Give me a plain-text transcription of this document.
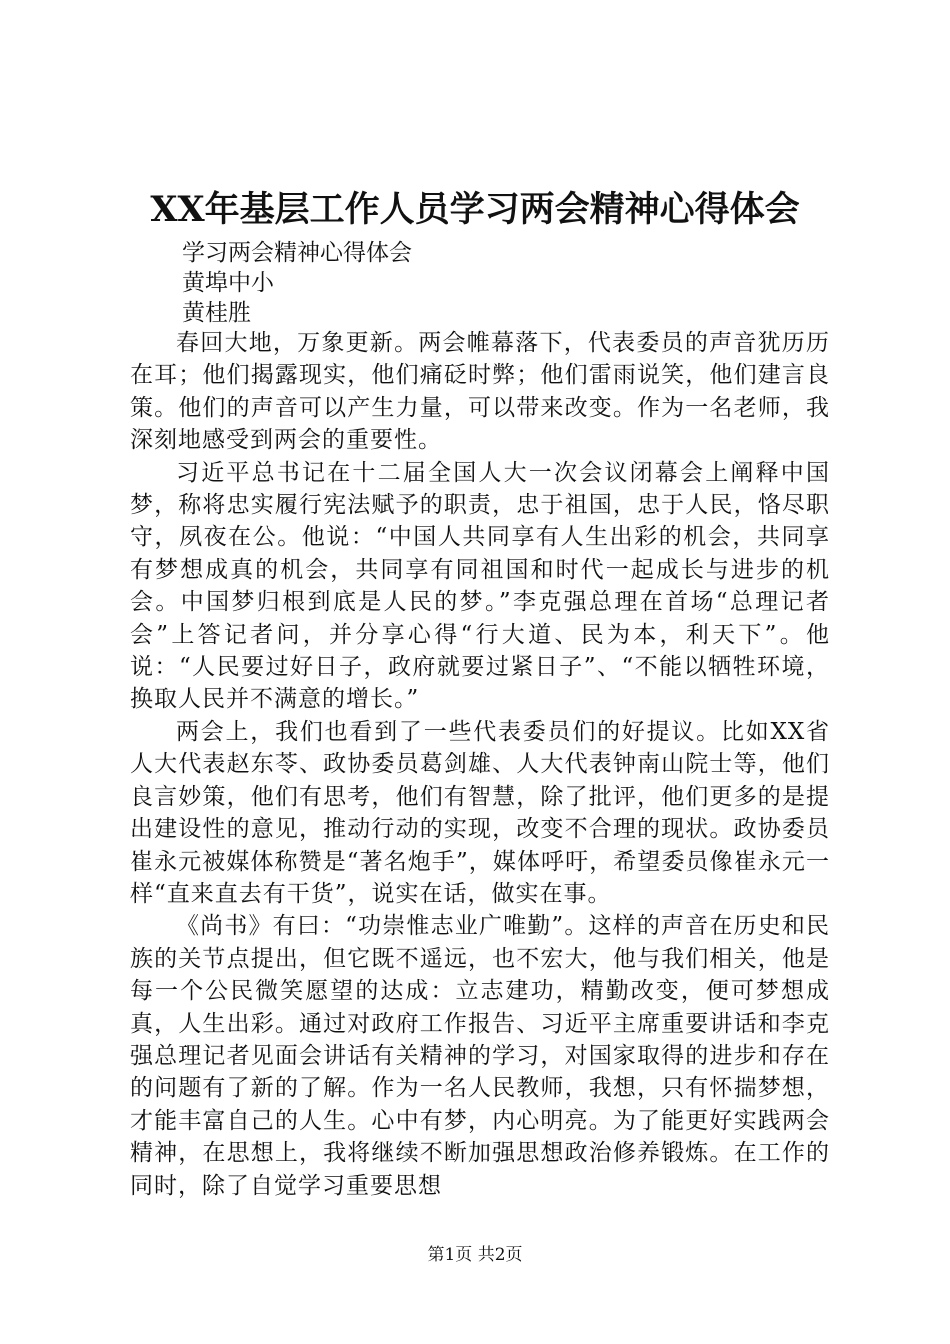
XX年基层工作人员学习两会精神心得体会
学习两会精神心得体会
黄埠中小
黄桂胜

春回大地，万象更新。两会帷幕落下，代表委员的声音犹历历在耳；他们揭露现实，他们痛砭时弊；他们雷雨说笑，他们建言良策。他们的声音可以产生力量，可以带来改变。作为一名老师，我深刻地感受到两会的重要性。

习近平总书记在十二届全国人大一次会议闭幕会上阐释中国梦，称将忠实履行宪法赋予的职责，忠于祖国，忠于人民，恪尽职守，夙夜在公。他说：“中国人共同享有人生出彩的机会，共同享有梦想成真的机会，共同享有同祖国和时代一起成长与进步的机会。中国梦归根到底是人民的梦。”李克强总理在首场“总理记者会”上答记者问，并分享心得“行大道、民为本，利天下”。他说：“人民要过好日子，政府就要过紧日子”、“不能以牺牲环境，换取人民并不满意的增长。”

两会上，我们也看到了一些代表委员们的好提议。比如XX省人大代表赵东苓、政协委员葛剑雄、人大代表钟南山院士等，他们良言妙策，他们有思考，他们有智慧，除了批评，他们更多的是提出建设性的意见，推动行动的实现，改变不合理的现状。政协委员崔永元被媒体称赞是“著名炮手”，媒体呼吁，希望委员像崔永元一样“直来直去有干货”，说实在话，做实在事。

《尚书》有曰：“功崇惟志业广唯勤”。这样的声音在历史和民族的关节点提出，但它既不遥远，也不宏大，他与我们相关，他是每一个公民微笑愿望的达成：立志建功，精勤改变，便可梦想成真，人生出彩。通过对政府工作报告、习近平主席重要讲话和李克强总理记者见面会讲话有关精神的学习，对国家取得的进步和存在的问题有了新的了解。作为一名人民教师，我想，只有怀揣梦想，才能丰富自己的人生。心中有梦，内心明亮。为了能更好实践两会精神，在思想上，我将继续不断加强思想政治修养锻炼。在工作的同时，除了自觉学习重要思想

第1页 共2页
